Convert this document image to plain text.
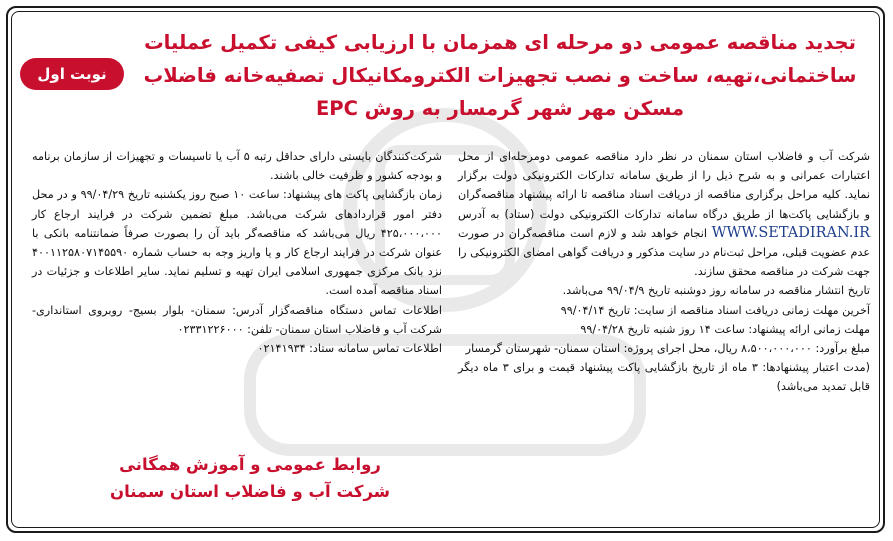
نوبت اول
تجدید مناقصه عمومی دو مرحله ای همزمان با ارزیابی کیفی تکمیل عملیات
ساختمانی،تهیه، ساخت و نصب تجهیزات الکترومکانیکال تصفیه‌خانه فاضلاب
مسکن مهر شهر گرمسار به روش EPC

شرکت آب و فاضلاب استان سمنان در نظر دارد مناقصه عمومی دومرحله‌ای از محل اعتبارات عمرانی و به شرح ذیل را از طریق سامانه تدارکات الکترونیکی دولت برگزار نماید. کلیه مراحل برگزاری مناقصه از دریافت اسناد مناقصه تا ارائه پیشنهاد مناقصه‌گران و بازگشایی پاکت‌ها از طریق درگاه سامانه تدارکات الکترونیکی دولت (ستاد) به آدرس WWW.SETADIRAN.IR انجام خواهد شد و لازم است مناقصه‌گران در صورت عدم عضویت قبلی، مراحل ثبت‌نام در سایت مذکور و دریافت گواهی امضای الکترونیکی را جهت شرکت در مناقصه محقق سازند.

تاریخ انتشار مناقصه در سامانه روز دوشنبه تاریخ ۹۹/۰۴/۹ می‌باشد.

آخرین مهلت زمانی دریافت اسناد مناقصه از سایت: تاریخ ۹۹/۰۴/۱۴

مهلت زمانی ارائه پیشنهاد: ساعت ۱۴ روز شنبه تاریخ ۹۹/۰۴/۲۸

مبلغ برآورد: ۸،۵۰۰،۰۰۰،۰۰۰ ریال، محل اجرای پروژه: استان سمنان- شهرستان گرمسار

(مدت اعتبار پیشنهادها: ۳ ماه از تاریخ بازگشایی پاکت پیشنهاد قیمت و برای ۳ ماه دیگر قابل تمدید می‌باشد)

شرکت‌کنندگان بایستی دارای حداقل رتبه ۵ آب یا تاسیسات و تجهیزات از سازمان برنامه و بودجه کشور و ظرفیت خالی باشند.

زمان بازگشایی پاکت های پیشنهاد: ساعت ۱۰ صبح روز یکشنبه تاریخ ۹۹/۰۴/۲۹ و در محل دفتر امور قراردادهای شرکت می‌باشد. مبلغ تضمین شرکت در فرایند ارجاع کار ۴۲۵،۰۰۰،۰۰۰ ریال می‌باشد که مناقصه‌گر باید آن را بصورت صرفاً ضمانتنامه بانکی با عنوان شرکت در فرایند ارجاع کار و یا واریز وجه به حساب شماره ۴۰۰۱۱۲۵۸۰۷۱۴۵۵۹۰ نزد بانک مرکزی جمهوری اسلامی ایران تهیه و تسلیم نماید. سایر اطلاعات و جزئیات در اسناد مناقصه آمده است.

اطلاعات تماس دستگاه مناقصه‌گزار آدرس: سمنان- بلوار بسیج- روبروی استانداری- شرکت آب و فاضلاب استان سمنان- تلفن: ۰۲۳۳۱۲۲۶۰۰۰

اطلاعات تماس سامانه ستاد: ۰۲۱۴۱۹۳۴

روابط عمومی و آموزش همگانی
شرکت آب و فاضلاب استان سمنان
